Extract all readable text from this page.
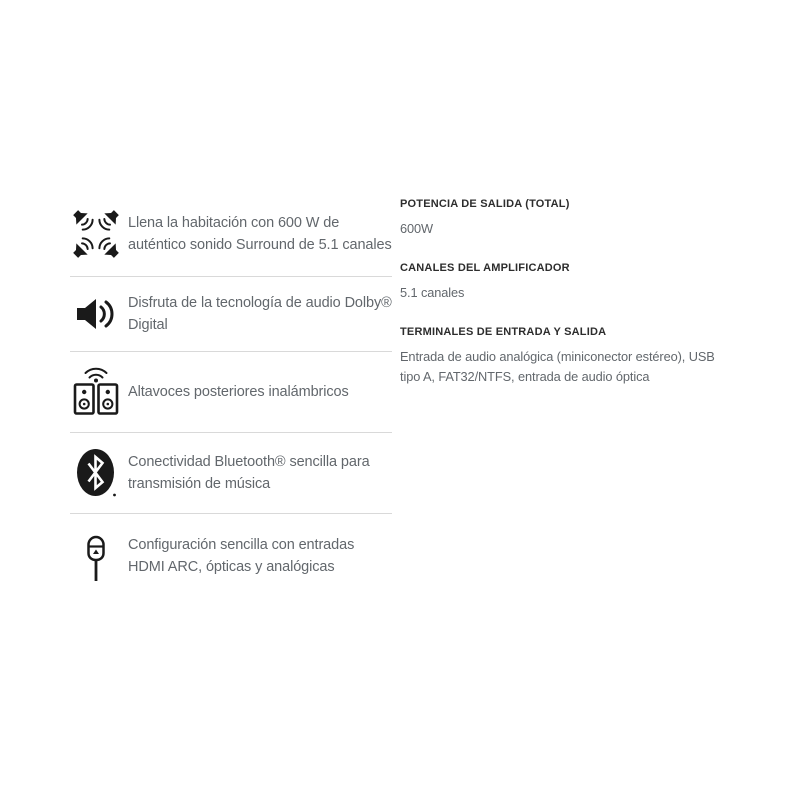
Llena la habitación con 600 W de auténtico sonido Surround de 5.1 canales
Disfruta de la tecnología de audio Dolby® Digital
Altavoces posteriores inalámbricos
Conectividad Bluetooth® sencilla para transmisión de música
Configuración sencilla con entradas HDMI ARC, ópticas y analógicas
POTENCIA DE SALIDA (TOTAL)
600W
CANALES DEL AMPLIFICADOR
5.1 canales
TERMINALES DE ENTRADA Y SALIDA
Entrada de audio analógica (miniconector estéreo), USB tipo A, FAT32/NTFS, entrada de audio óptica
